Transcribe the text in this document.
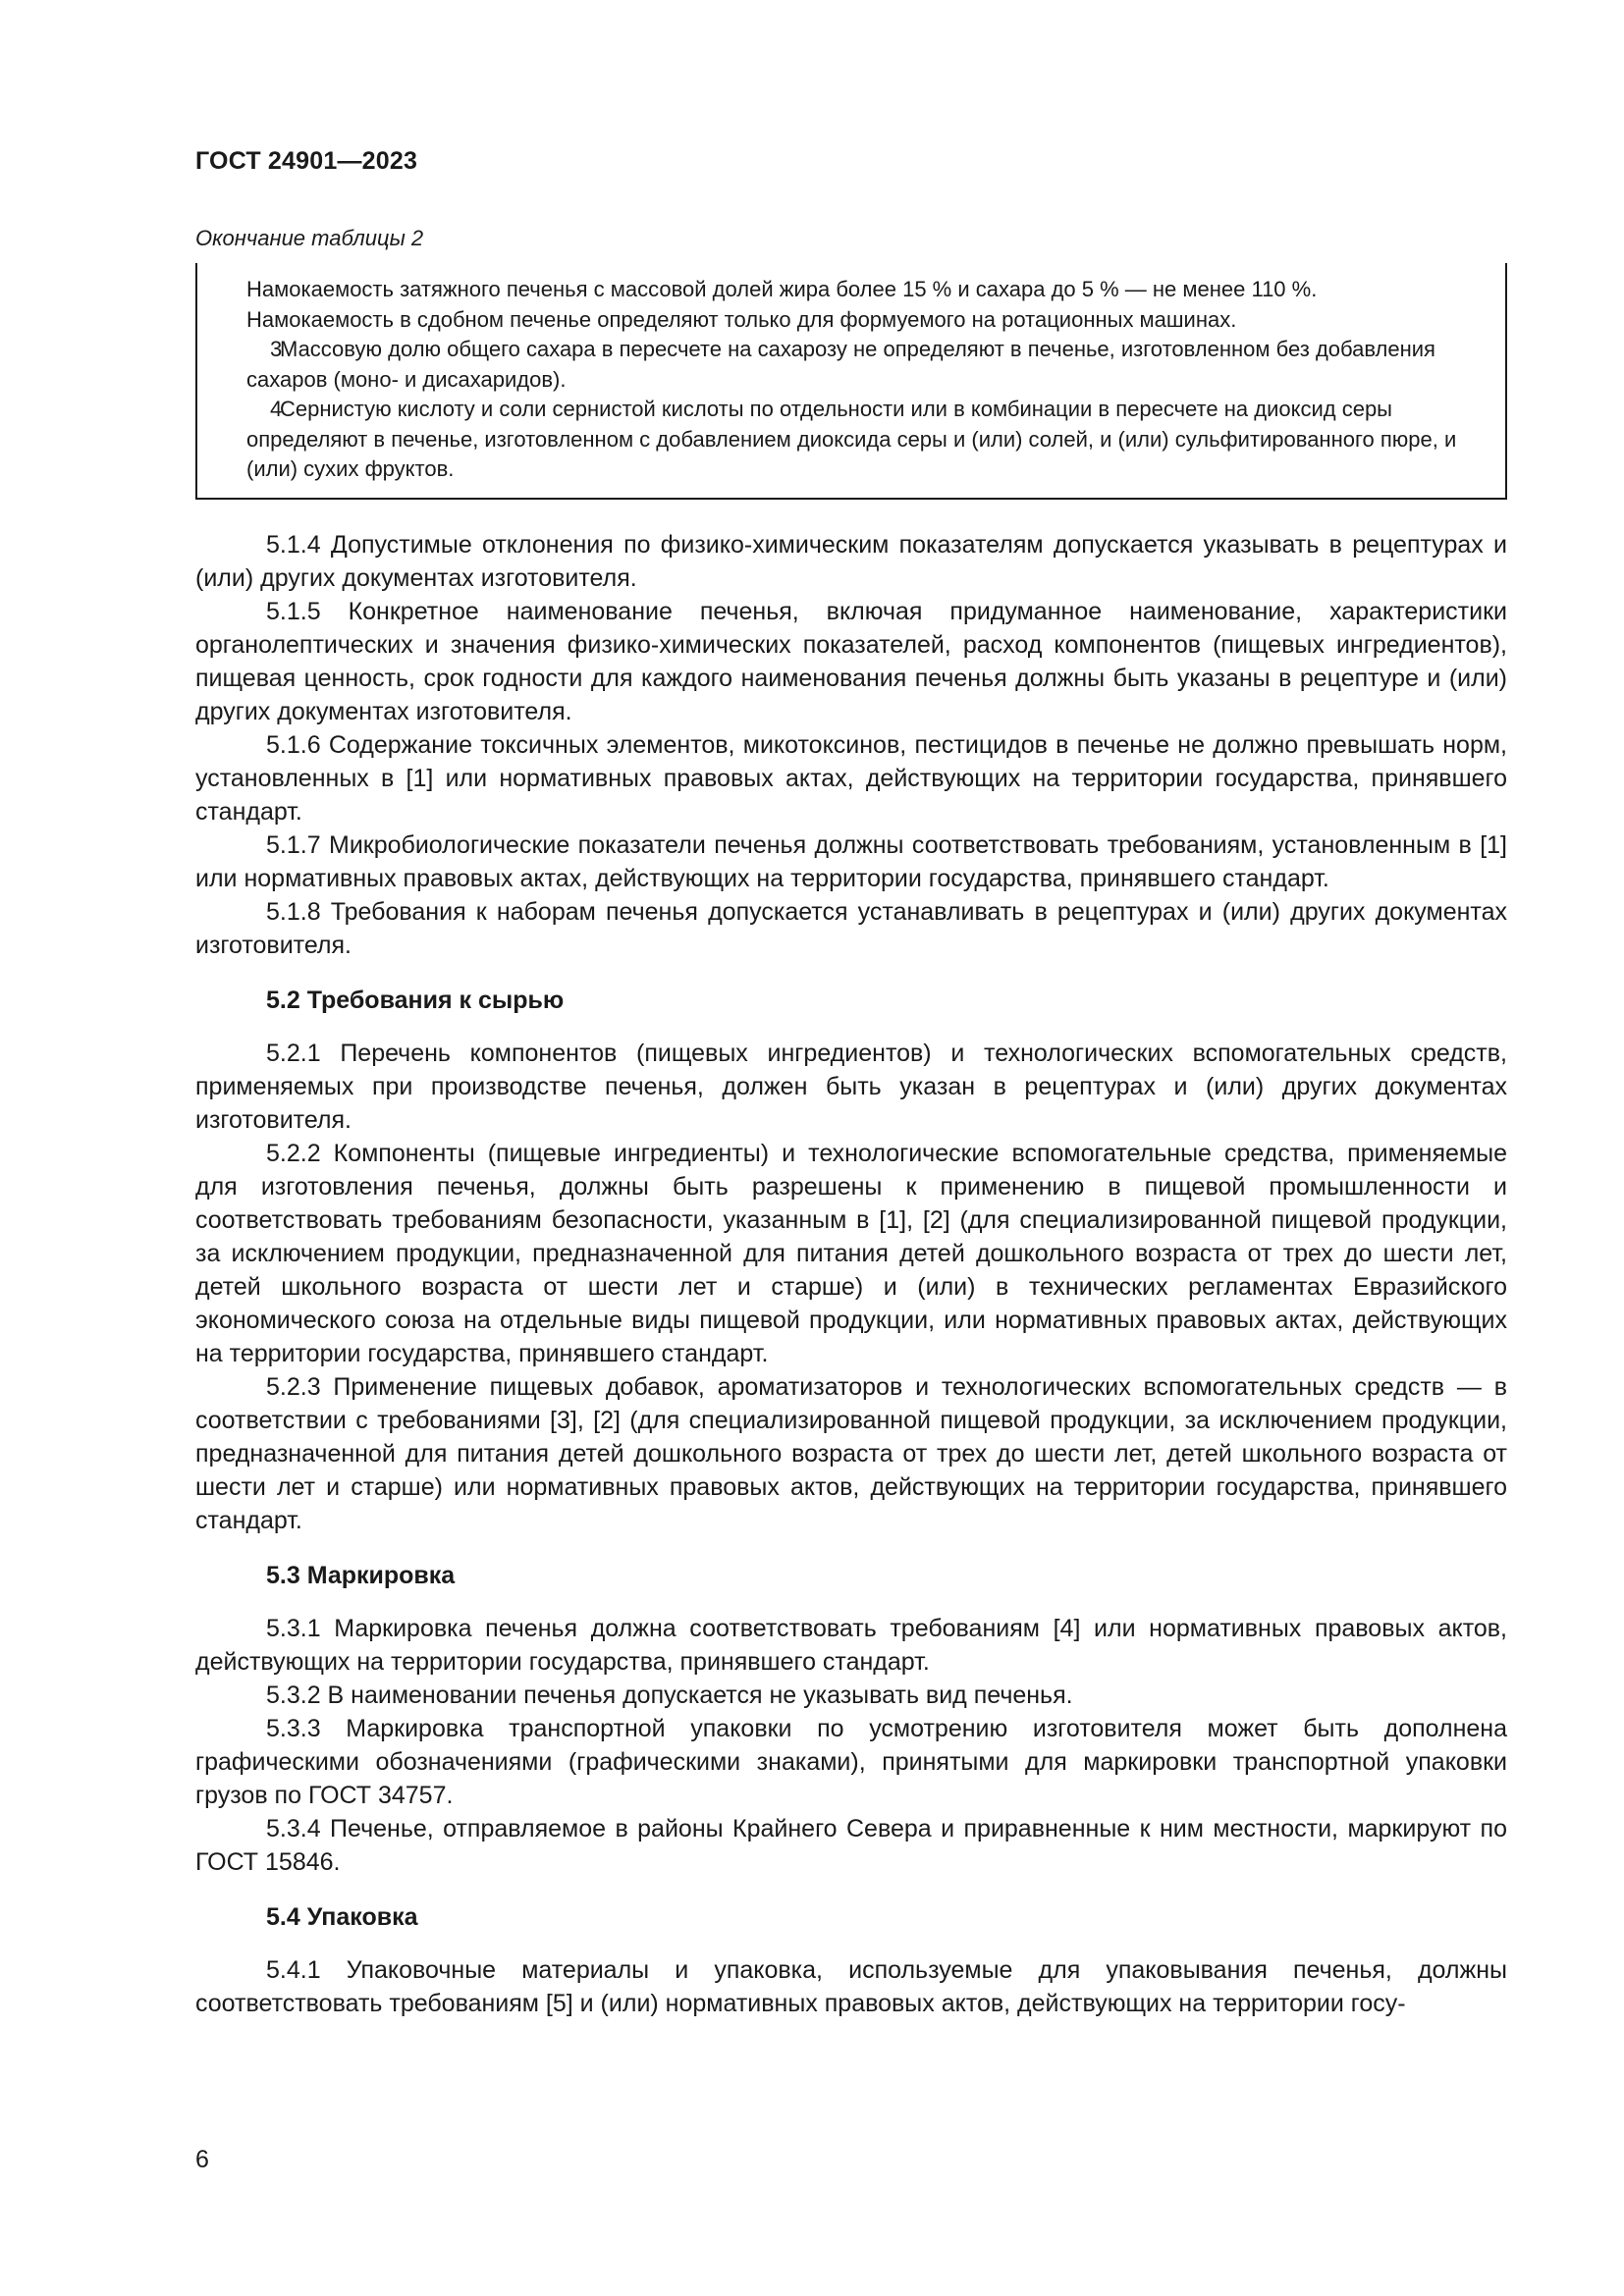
ГОСТ 24901—2023
Окончание таблицы 2

Намокаемость затяжного печенья с массовой долей жира более 15 % и сахара до 5 % — не менее 110 %.

Намокаемость в сдобном печенье определяют только для формуемого на ротационных машинах.

3Массовую долю общего сахара в пересчете на сахарозу не определяют в печенье, изготовленном без добавления сахаров (моно- и дисахаридов).

4Сернистую кислоту и соли сернистой кислоты по отдельности или в комбинации в пересчете на диоксид серы определяют в печенье, изготовленном с добавлением диоксида серы и (или) солей, и (или) сульфитированного пюре, и (или) сухих фруктов.

5.1.4 Допустимые отклонения по физико-химическим показателям допускается указывать в рецептурах и (или) других документах изготовителя.

5.1.5 Конкретное наименование печенья, включая придуманное наименование, характеристики органолептических и значения физико-химических показателей, расход компонентов (пищевых ингредиентов), пищевая ценность, срок годности для каждого наименования печенья должны быть указаны в рецептуре и (или) других документах изготовителя.

5.1.6 Содержание токсичных элементов, микотоксинов, пестицидов в печенье не должно превышать норм, установленных в [1] или нормативных правовых актах, действующих на территории государства, принявшего стандарт.

5.1.7 Микробиологические показатели печенья должны соответствовать требованиям, установленным в [1] или нормативных правовых актах, действующих на территории государства, принявшего стандарт.

5.1.8 Требования к наборам печенья допускается устанавливать в рецептурах и (или) других документах изготовителя.

5.2 Требования к сырью

5.2.1 Перечень компонентов (пищевых ингредиентов) и технологических вспомогательных средств, применяемых при производстве печенья, должен быть указан в рецептурах и (или) других документах изготовителя.

5.2.2 Компоненты (пищевые ингредиенты) и технологические вспомогательные средства, применяемые для изготовления печенья, должны быть разрешены к применению в пищевой промышленности и соответствовать требованиям безопасности, указанным в [1], [2] (для специализированной пищевой продукции, за исключением продукции, предназначенной для питания детей дошкольного возраста от трех до шести лет, детей школьного возраста от шести лет и старше) и (или) в технических регламентах Евразийского экономического союза на отдельные виды пищевой продукции, или нормативных правовых актах, действующих на территории государства, принявшего стандарт.

5.2.3 Применение пищевых добавок, ароматизаторов и технологических вспомогательных средств — в соответствии с требованиями [3], [2] (для специализированной пищевой продукции, за исключением продукции, предназначенной для питания детей дошкольного возраста от трех до шести лет, детей школьного возраста от шести лет и старше) или нормативных правовых актов, действующих на территории государства, принявшего стандарт.

5.3 Маркировка

5.3.1 Маркировка печенья должна соответствовать требованиям [4] или нормативных правовых актов, действующих на территории государства, принявшего стандарт.

5.3.2 В наименовании печенья допускается не указывать вид печенья.

5.3.3 Маркировка транспортной упаковки по усмотрению изготовителя может быть дополнена графическими обозначениями (графическими знаками), принятыми для маркировки транспортной упаковки грузов по ГОСТ 34757.

5.3.4 Печенье, отправляемое в районы Крайнего Севера и приравненные к ним местности, маркируют по ГОСТ 15846.

5.4 Упаковка

5.4.1 Упаковочные материалы и упаковка, используемые для упаковывания печенья, должны соответствовать требованиям [5] и (или) нормативных правовых актов, действующих на территории госу-

6
